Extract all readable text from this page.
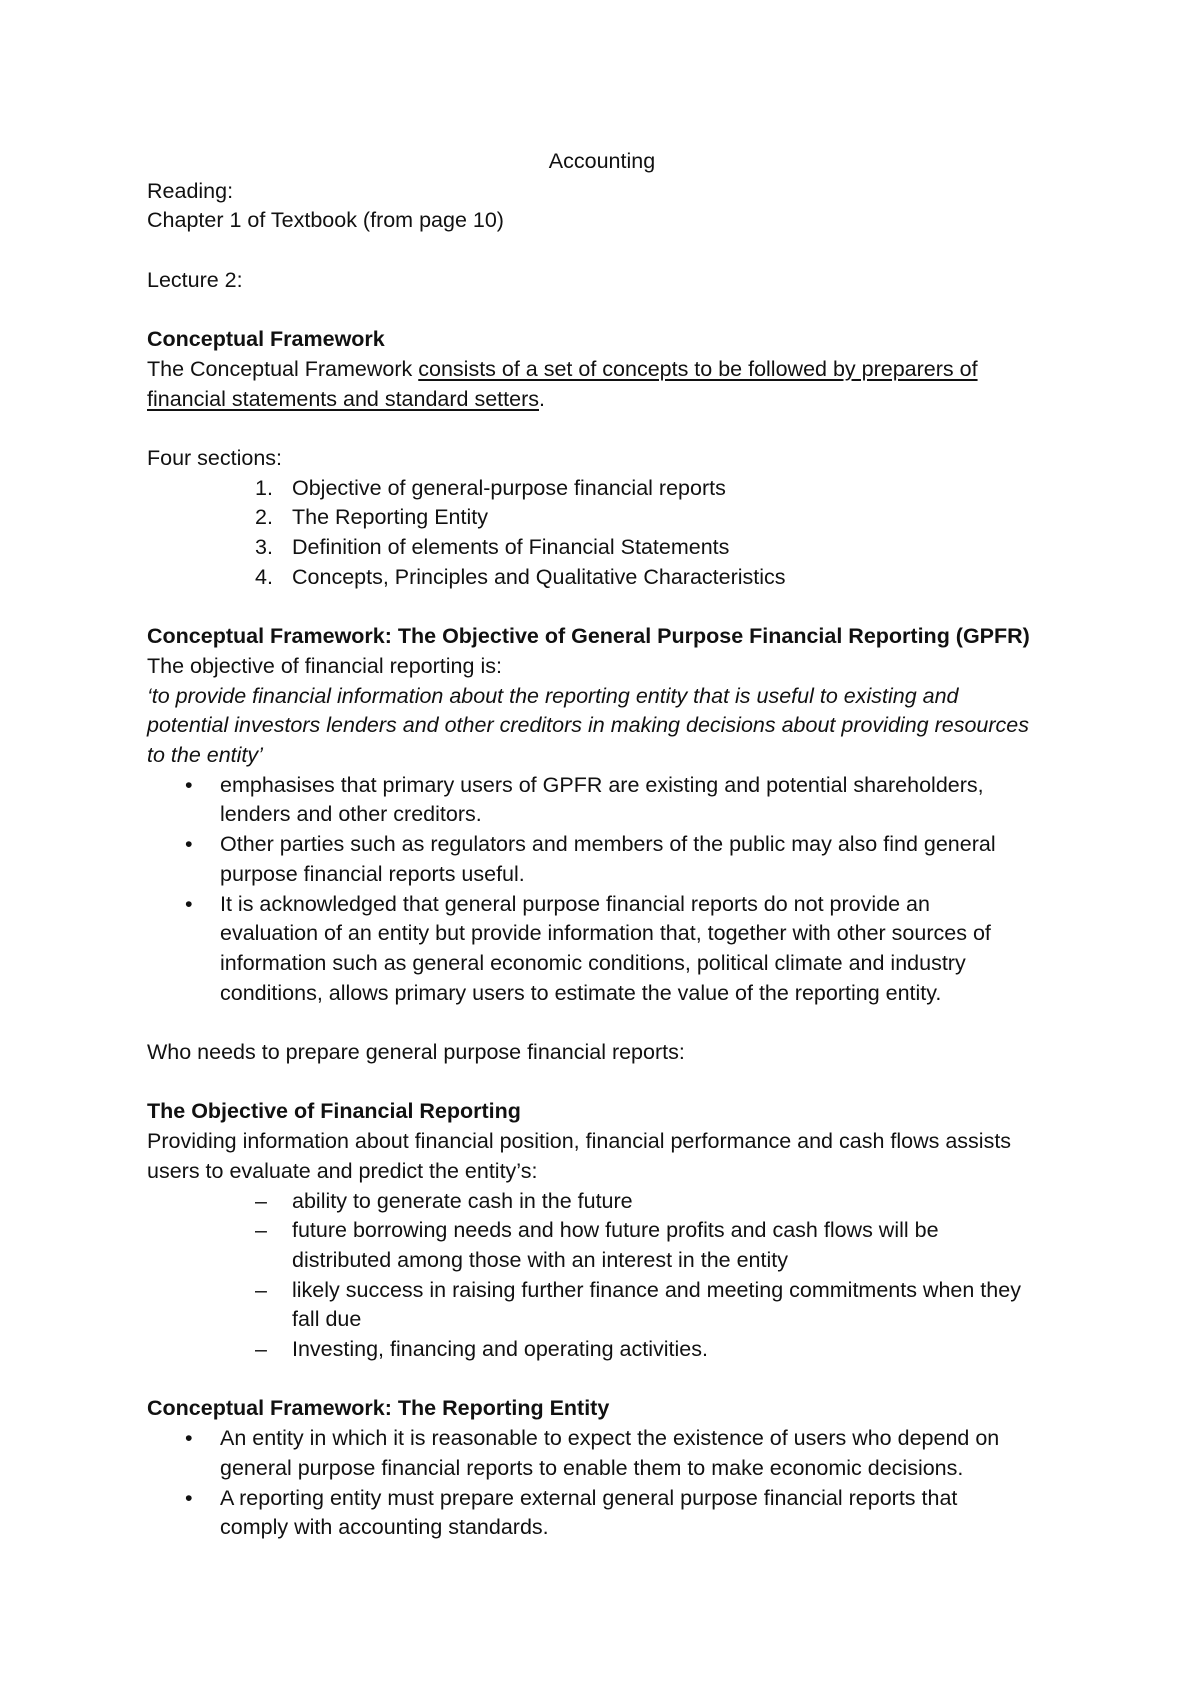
Accounting
Reading:
Chapter 1 of Textbook (from page 10)
Lecture 2:
Conceptual Framework
The Conceptual Framework consists of a set of concepts to be followed by preparers of
financial statements and standard setters.
Four sections:
1. Objective of general-purpose financial reports
2. The Reporting Entity
3. Definition of elements of Financial Statements
4. Concepts, Principles and Qualitative Characteristics
Conceptual Framework: The Objective of General Purpose Financial Reporting (GPFR)
The objective of financial reporting is:
‘to provide financial information about the reporting entity that is useful to existing and
potential investors lenders and other creditors in making decisions about providing resources
to the entity’
• emphasises that primary users of GPFR are existing and potential shareholders,
lenders and other creditors.
• Other parties such as regulators and members of the public may also find general
purpose financial reports useful.
• It is acknowledged that general purpose financial reports do not provide an
evaluation of an entity but provide information that, together with other sources of
information such as general economic conditions, political climate and industry
conditions, allows primary users to estimate the value of the reporting entity.
Who needs to prepare general purpose financial reports:
The Objective of Financial Reporting
Providing information about financial position, financial performance and cash flows assists
users to evaluate and predict the entity’s:
– ability to generate cash in the future
– future borrowing needs and how future profits and cash flows will be
distributed among those with an interest in the entity
– likely success in raising further finance and meeting commitments when they
fall due
– Investing, financing and operating activities.
Conceptual Framework: The Reporting Entity
• An entity in which it is reasonable to expect the existence of users who depend on
general purpose financial reports to enable them to make economic decisions.
• A reporting entity must prepare external general purpose financial reports that
comply with accounting standards.
